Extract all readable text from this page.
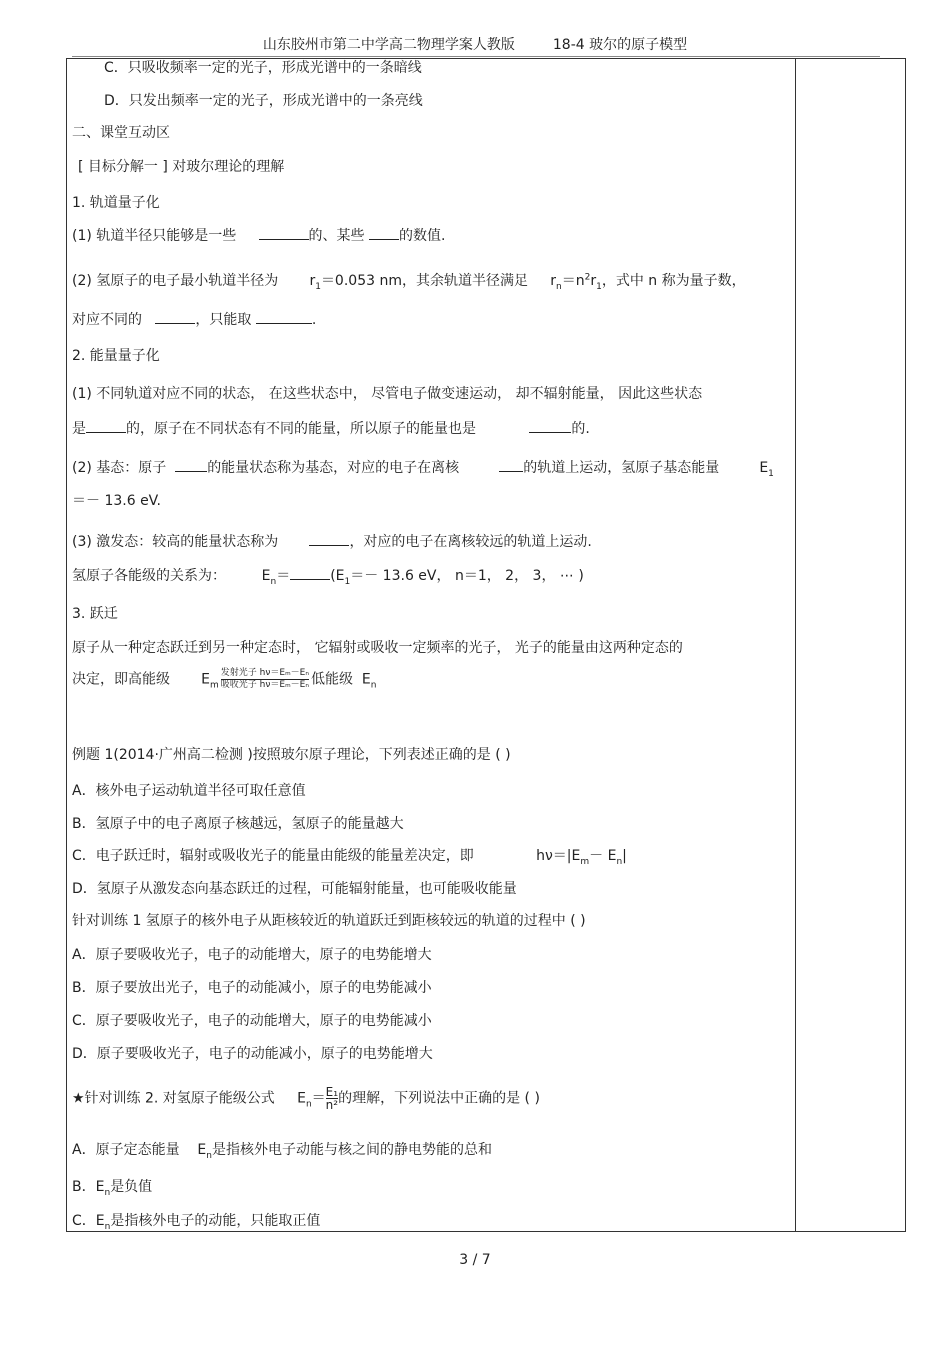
山东胶州市第二中学高二物理学案人教版	18-4 玻尔的原子模型
C．只吸收频率一定的光子，形成光谱中的一条暗线
D．只发出频率一定的光子，形成光谱中的一条亮线
二、课堂互动区
[ 目标分解一 ] 对玻尔理论的理解
1. 轨道量子化
(1) 轨道半径只能够是一些	的、某些 的数值.
(2) 氢原子的电子最小轨道半径为 $r_1=0.053$ nm，其余轨道半径满足 $r_n=n^2r_1$，式中 n 称为量子数，
对应不同的	，只能取	.
2. 能量量子化
(1) 不同轨道对应不同的状态， 在这些状态中， 尽管电子做变速运动， 却不辐射能量， 因此这些状态
是	的，原子在不同状态有不同的能量，所以原子的能量也是	的.
(2) 基态：原子	的能量状态称为基态，对应的电子在离核	的轨道上运动，氢原子基态能量	$E_1$
＝－ 13.6 eV.
(3) 激发态：较高的能量状态称为	，对应的电子在离核较远的轨道上运动.
氢原子各能级的关系为：	$E_n=$	($E_1=- 13.6$ eV， n＝1， 2， 3， ⋯ )
3. 跃迁
原子从一种定态跃迁到另一种定态时， 它辐射或吸收一定频率的光子， 光子的能量由这两种定态的
决定，即高能级 $E_m$
发射光子 hν＝Eₘ－Eₙ
吸收光子 hν＝Eₘ－Eₙ 低能级 $E_n$
例题 1(2014·广州高二检测 )按照玻尔原子理论，下列表述正确的是 ( )
A．核外电子运动轨道半径可取任意值
B．氢原子中的电子离原子核越远，氢原子的能量越大
C．电子跃迁时，辐射或吸收光子的能量由能级的能量差决定，即	$h\nu=|E_m- E_n|$
D．氢原子从激发态向基态跃迁的过程，可能辐射能量，也可能吸收能量
针对训练 1 氢原子的核外电子从距核较近的轨道跃迁到距核较远的轨道的过程中 ( )
A．原子要吸收光子，电子的动能增大，原子的电势能增大
B．原子要放出光子，电子的动能减小，原子的电势能减小
C．原子要吸收光子，电子的动能增大，原子的电势能减小
D．原子要吸收光子，电子的动能减小，原子的电势能增大
★针对训练 2. 对氢原子能级公式 $E_n= \frac{\text{E₁}}{\text{n²}}$ 的理解，下列说法中正确的是 ( )
A．原子定态能量 $E_n$是指核外电子动能与核之间的静电势能的总和
B．$E_n$是负值
C．$E_n$是指核外电子的动能，只能取正值
3 / 7
